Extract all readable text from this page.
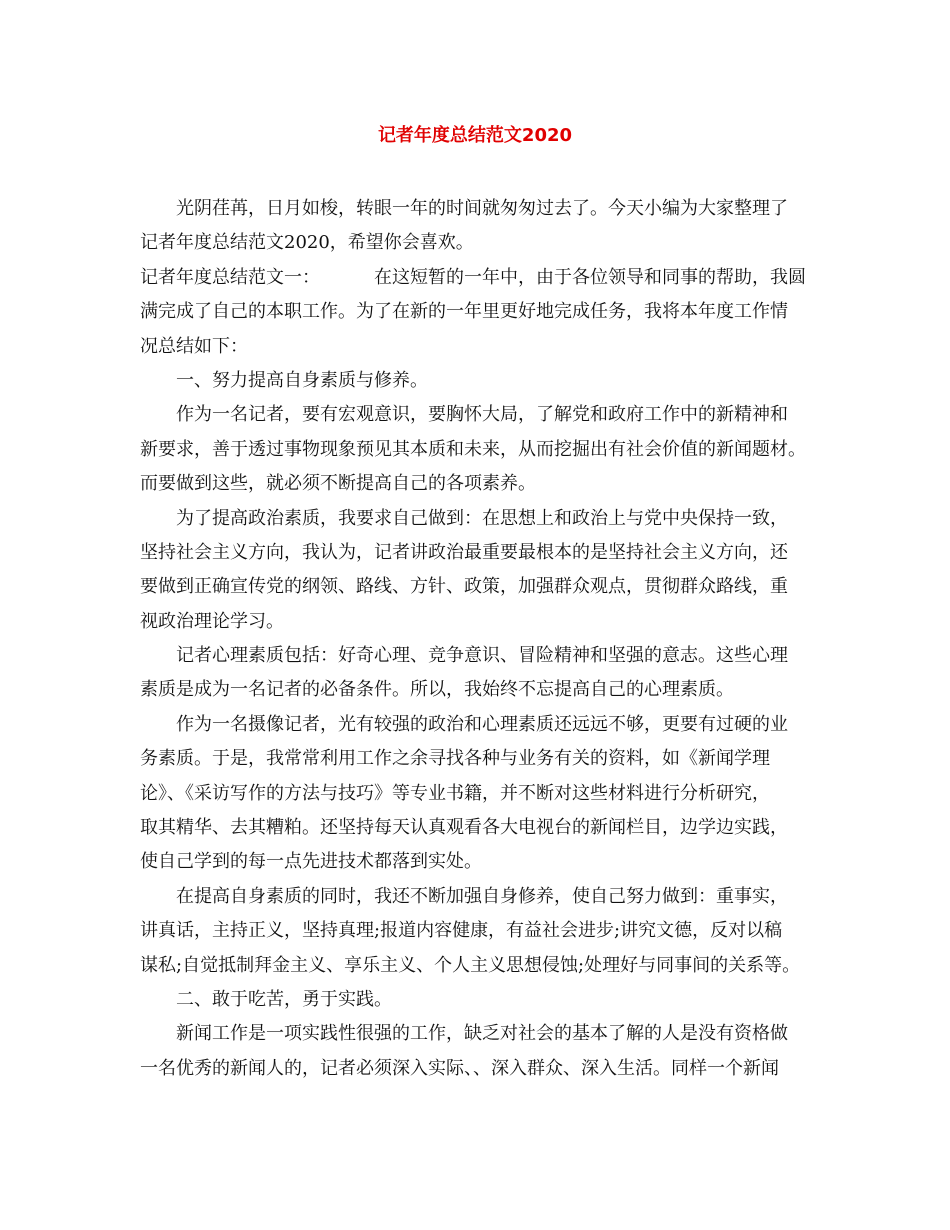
记者年度总结范文2020
光阴荏苒，日月如梭，转眼一年的时间就匆匆过去了。今天小编为大家整理了
记者年度总结范文2020，希望你会喜欢。
记者年度总结范文一：	在这短暂的一年中，由于各位领导和同事的帮助，我圆
满完成了自己的本职工作。为了在新的一年里更好地完成任务，我将本年度工作情
况总结如下：
一、努力提高自身素质与修养。
作为一名记者，要有宏观意识，要胸怀大局，了解党和政府工作中的新精神和
新要求，善于透过事物现象预见其本质和未来，从而挖掘出有社会价值的新闻题材。
而要做到这些，就必须不断提高自己的各项素养。
为了提高政治素质，我要求自己做到：在思想上和政治上与党中央保持一致，
坚持社会主义方向，我认为，记者讲政治最重要最根本的是坚持社会主义方向，还
要做到正确宣传党的纲领、路线、方针、政策，加强群众观点，贯彻群众路线，重
视政治理论学习。
记者心理素质包括：好奇心理、竞争意识、冒险精神和坚强的意志。这些心理
素质是成为一名记者的必备条件。所以，我始终不忘提高自己的心理素质。
作为一名摄像记者，光有较强的政治和心理素质还远远不够，更要有过硬的业
务素质。于是，我常常利用工作之余寻找各种与业务有关的资料，如《新闻学理
论》、《采访写作的方法与技巧》等专业书籍，并不断对这些材料进行分析研究，
取其精华、去其糟粕。还坚持每天认真观看各大电视台的新闻栏目，边学边实践，
使自己学到的每一点先进技术都落到实处。
在提高自身素质的同时，我还不断加强自身修养，使自己努力做到：重事实，
讲真话，主持正义，坚持真理;报道内容健康，有益社会进步;讲究文德，反对以稿
谋私;自觉抵制拜金主义、享乐主义、个人主义思想侵蚀;处理好与同事间的关系等。
二、敢于吃苦，勇于实践。
新闻工作是一项实践性很强的工作，缺乏对社会的基本了解的人是没有资格做
一名优秀的新闻人的，记者必须深入实际、、深入群众、深入生活。同样一个新闻
